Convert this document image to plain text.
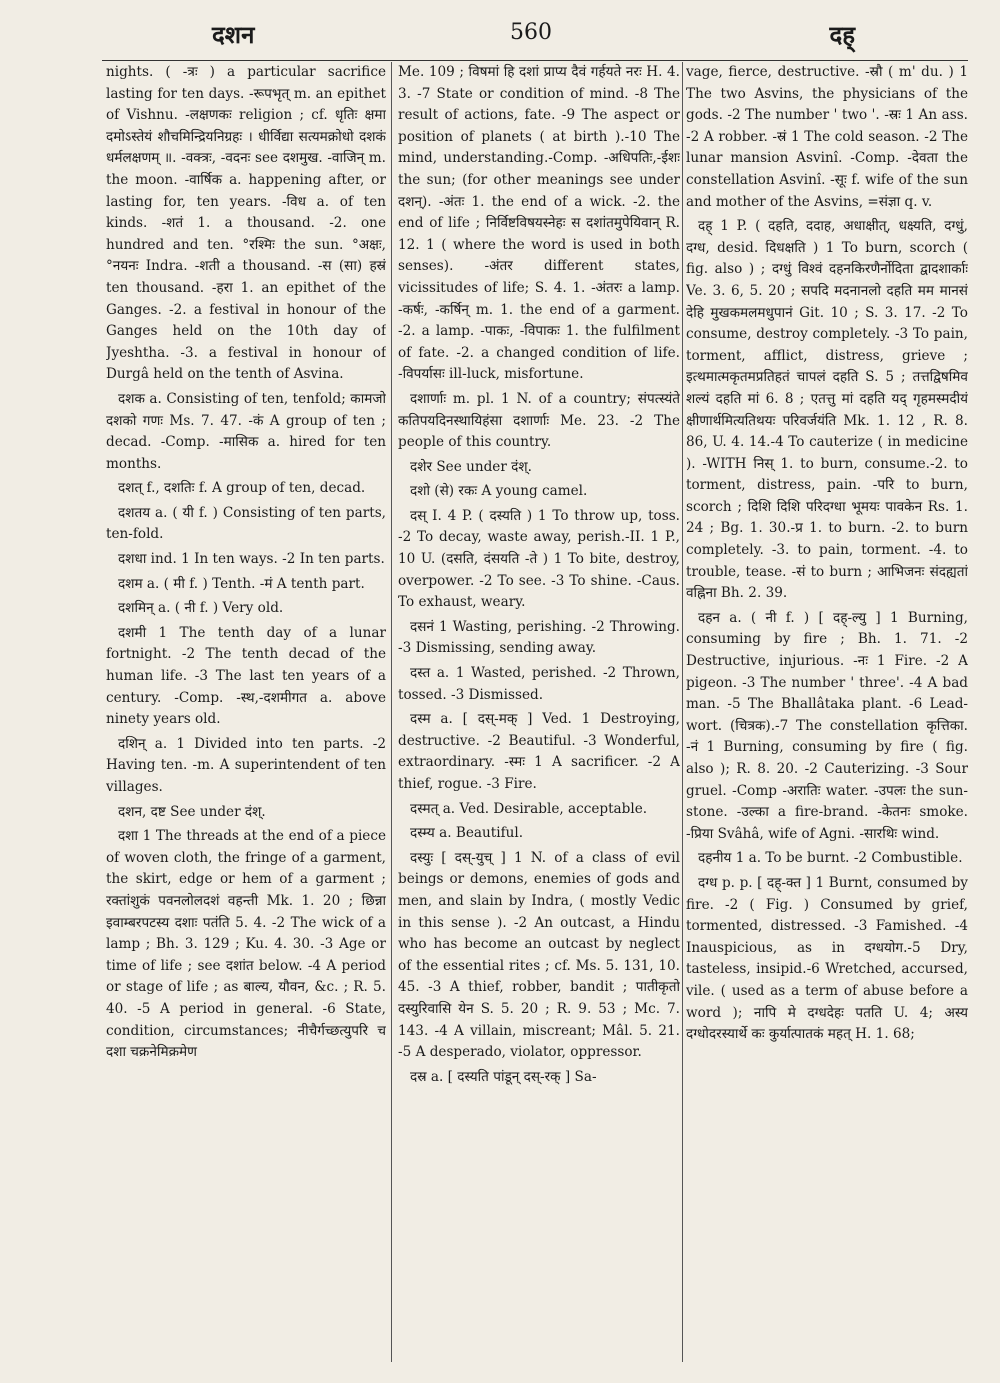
दशन	560	दह्

nights. ( -त्रः ) a particular sacrifice lasting for ten days. -रूपभृत् m. an epithet of Vishnu. -लक्षणकः religion ; cf. धृतिः क्षमा दमोऽस्तेयं शौचमिन्द्रियनिग्रहः । धीर्विद्या सत्यमक्रोधो दशकं धर्मलक्षणम् ॥. -वक्त्रः, -वदनः see दशमुख. -वाजिन् m. the moon. -वार्षिक a. happening after, or lasting for, ten years. -विध a. of ten kinds. -शतं 1. a thousand. -2. one hundred and ten. °रश्मिः the sun. °अक्षः, °नयनः Indra. -शती a thousand. -स (सा) हस्रं ten thousand. -हरा 1. an epithet of the Ganges. -2. a festival in honour of the Ganges held on the 10th day of Jyeshtha. -3. a festival in honour of Durgâ held on the tenth of Asvina.

दशक a. Consisting of ten, tenfold; कामजो दशको गणः Ms. 7. 47. -कं A group of ten ; decad. -Comp. -मासिक a. hired for ten months.

दशत् f., दशतिः f. A group of ten, decad.

दशतय a. ( यी f. ) Consisting of ten parts, ten-fold.

दशधा ind. 1 In ten ways. -2 In ten parts.

दशम a. ( मी f. ) Tenth. -मं A tenth part.

दशमिन् a. ( नी f. ) Very old.

दशमी 1 The tenth day of a lunar fortnight. -2 The tenth decad of the human life. -3 The last ten years of a century. -Comp. -स्थ,-दशमीगत a. above ninety years old.

दशिन् a. 1 Divided into ten parts. -2 Having ten. -m. A superintendent of ten villages.

दशन, दष्ट See under दंश्.

दशा 1 The threads at the end of a piece of woven cloth, the fringe of a garment, the skirt, edge or hem of a garment ; रक्तांशुकं पवनलोलदशं वहन्ती Mk. 1. 20 ; छिन्ना इवाम्बरपटस्य दशाः पतंति 5. 4. -2 The wick of a lamp ; Bh. 3. 129 ; Ku. 4. 30. -3 Age or time of life ; see दशांत below. -4 A period or stage of life ; as बाल्य, यौवन, &c. ; R. 5. 40. -5 A period in general. -6 State, condition, circumstances; नीचैर्गच्छत्युपरि च दशा चक्रनेमिक्रमेण

Me. 109 ; विषमां हि दशां प्राप्य दैवं गर्हयते नरः H. 4. 3. -7 State or condition of mind. -8 The result of actions, fate. -9 The aspect or position of planets ( at birth ).-10 The mind, understanding.-Comp. -अधिपतिः,-ईशः the sun; (for other meanings see under दशन्). -अंतः 1. the end of a wick. -2. the end of life ; निर्विष्टविषयस्नेहः स दशांतमुपेयिवान् R. 12. 1 ( where the word is used in both senses). -अंतर different states, vicissitudes of life; S. 4. 1. -अंतरः a lamp. -कर्षः, -कर्षिन् m. 1. the end of a garment. -2. a lamp. -पाकः, -विपाकः 1. the fulfilment of fate. -2. a changed condition of life. -विपर्यासः ill-luck, misfortune.

दशार्णाः m. pl. 1 N. of a country; संपत्स्यंते कतिपयदिनस्थायिहंसा दशार्णाः Me. 23. -2 The people of this country.

दशेर See under दंश्.

दशो (से) रकः A young camel.

दस् I. 4 P. ( दस्यति ) 1 To throw up, toss. -2 To decay, waste away, perish.-II. 1 P., 10 U. (दसति, दंसयति -ते ) 1 To bite, destroy, overpower. -2 To see. -3 To shine. -Caus. To exhaust, weary.

दसनं 1 Wasting, perishing. -2 Throwing. -3 Dismissing, sending away.

दस्त a. 1 Wasted, perished. -2 Thrown, tossed. -3 Dismissed.

दस्म a. [ दस्-मक् ] Ved. 1 Destroying, destructive. -2 Beautiful. -3 Wonderful, extraordinary. -स्मः 1 A sacrificer. -2 A thief, rogue. -3 Fire.

दस्मत् a. Ved. Desirable, acceptable.

दस्म्य a. Beautiful.

दस्युः [ दस्-युच् ] 1 N. of a class of evil beings or demons, enemies of gods and men, and slain by Indra, ( mostly Vedic in this sense ). -2 An outcast, a Hindu who has become an outcast by neglect of the essential rites ; cf. Ms. 5. 131, 10. 45. -3 A thief, robber, bandit ; पातीकृतो दस्युरिवासि येन S. 5. 20 ; R. 9. 53 ; Mc. 7. 143. -4 A villain, miscreant; Mâl. 5. 21. -5 A desperado, violator, oppressor.

दस्र a. [ दस्यति पांडून् दस्-रक् ] Sa-

vage, fierce, destructive. -स्रौ ( m' du. ) 1 The two Asvins, the physicians of the gods. -2 The number ' two '. -स्रः 1 An ass. -2 A robber. -स्रं 1 The cold season. -2 The lunar mansion Asvinî. -Comp. -देवता the constellation Asvinî. -सूः f. wife of the sun and mother of the Asvins, =संज्ञा q. v.

दह् 1 P. ( दहति, ददाह, अधाक्षीत्, धक्ष्यति, दग्धुं, दग्ध, desid. दिधक्षति ) 1 To burn, scorch ( fig. also ) ; दग्धुं विश्वं दहनकिरणैर्नोदिता द्वादशार्काः Ve. 3. 6, 5. 20 ; सपदि मदनानलो दहति मम मानसं देहि मुखकमलमधुपानं Git. 10 ; S. 3. 17. -2 To consume, destroy completely. -3 To pain, torment, afflict, distress, grieve ; इत्थमात्मकृतमप्रतिहतं चापलं दहति S. 5 ; तत्तद्विषमिव शल्यं दहति मां 6. 8 ; एतत्तु मां दहति यद् गृहमस्मदीयं क्षीणार्थमित्यतिथयः परिवर्जयंति Mk. 1. 12 , R. 8. 86, U. 4. 14.-4 To cauterize ( in medicine ). -WITH निस् 1. to burn, consume.-2. to torment, distress, pain. -परि to burn, scorch ; दिशि दिशि परिदग्धा भूमयः पावकेन Rs. 1. 24 ; Bg. 1. 30.-प्र 1. to burn. -2. to burn completely. -3. to pain, torment. -4. to trouble, tease. -सं to burn ; आभिजनः संदह्यतां वह्निना Bh. 2. 39.

दहन a. ( नी f. ) [ दह्-ल्यु ] 1 Burning, consuming by fire ; Bh. 1. 71. -2 Destructive, injurious. -नः 1 Fire. -2 A pigeon. -3 The number ' three'. -4 A bad man. -5 The Bhallâtaka plant. -6 Lead-wort. (चित्रक).-7 The constellation कृत्तिका. -नं 1 Burning, consuming by fire ( fig. also ); R. 8. 20. -2 Cauterizing. -3 Sour gruel. -Comp -अरातिः water. -उपलः the sun-stone. -उल्का a fire-brand. -केतनः smoke. -प्रिया Svâhâ, wife of Agni. -सारथिः wind.

दहनीय 1 a. To be burnt. -2 Combustible.

दग्ध p. p. [ दह्-क्त ] 1 Burnt, consumed by fire. -2 ( Fig. ) Consumed by grief, tormented, distressed. -3 Famished. -4 Inauspicious, as in दग्धयोग.-5 Dry, tasteless, insipid.-6 Wretched, accursed, vile. ( used as a term of abuse before a word ); नापि मे दग्धदेहः पतति U. 4; अस्य दग्धोदरस्यार्थे कः कुर्यात्पातकं महत् H. 1. 68;
